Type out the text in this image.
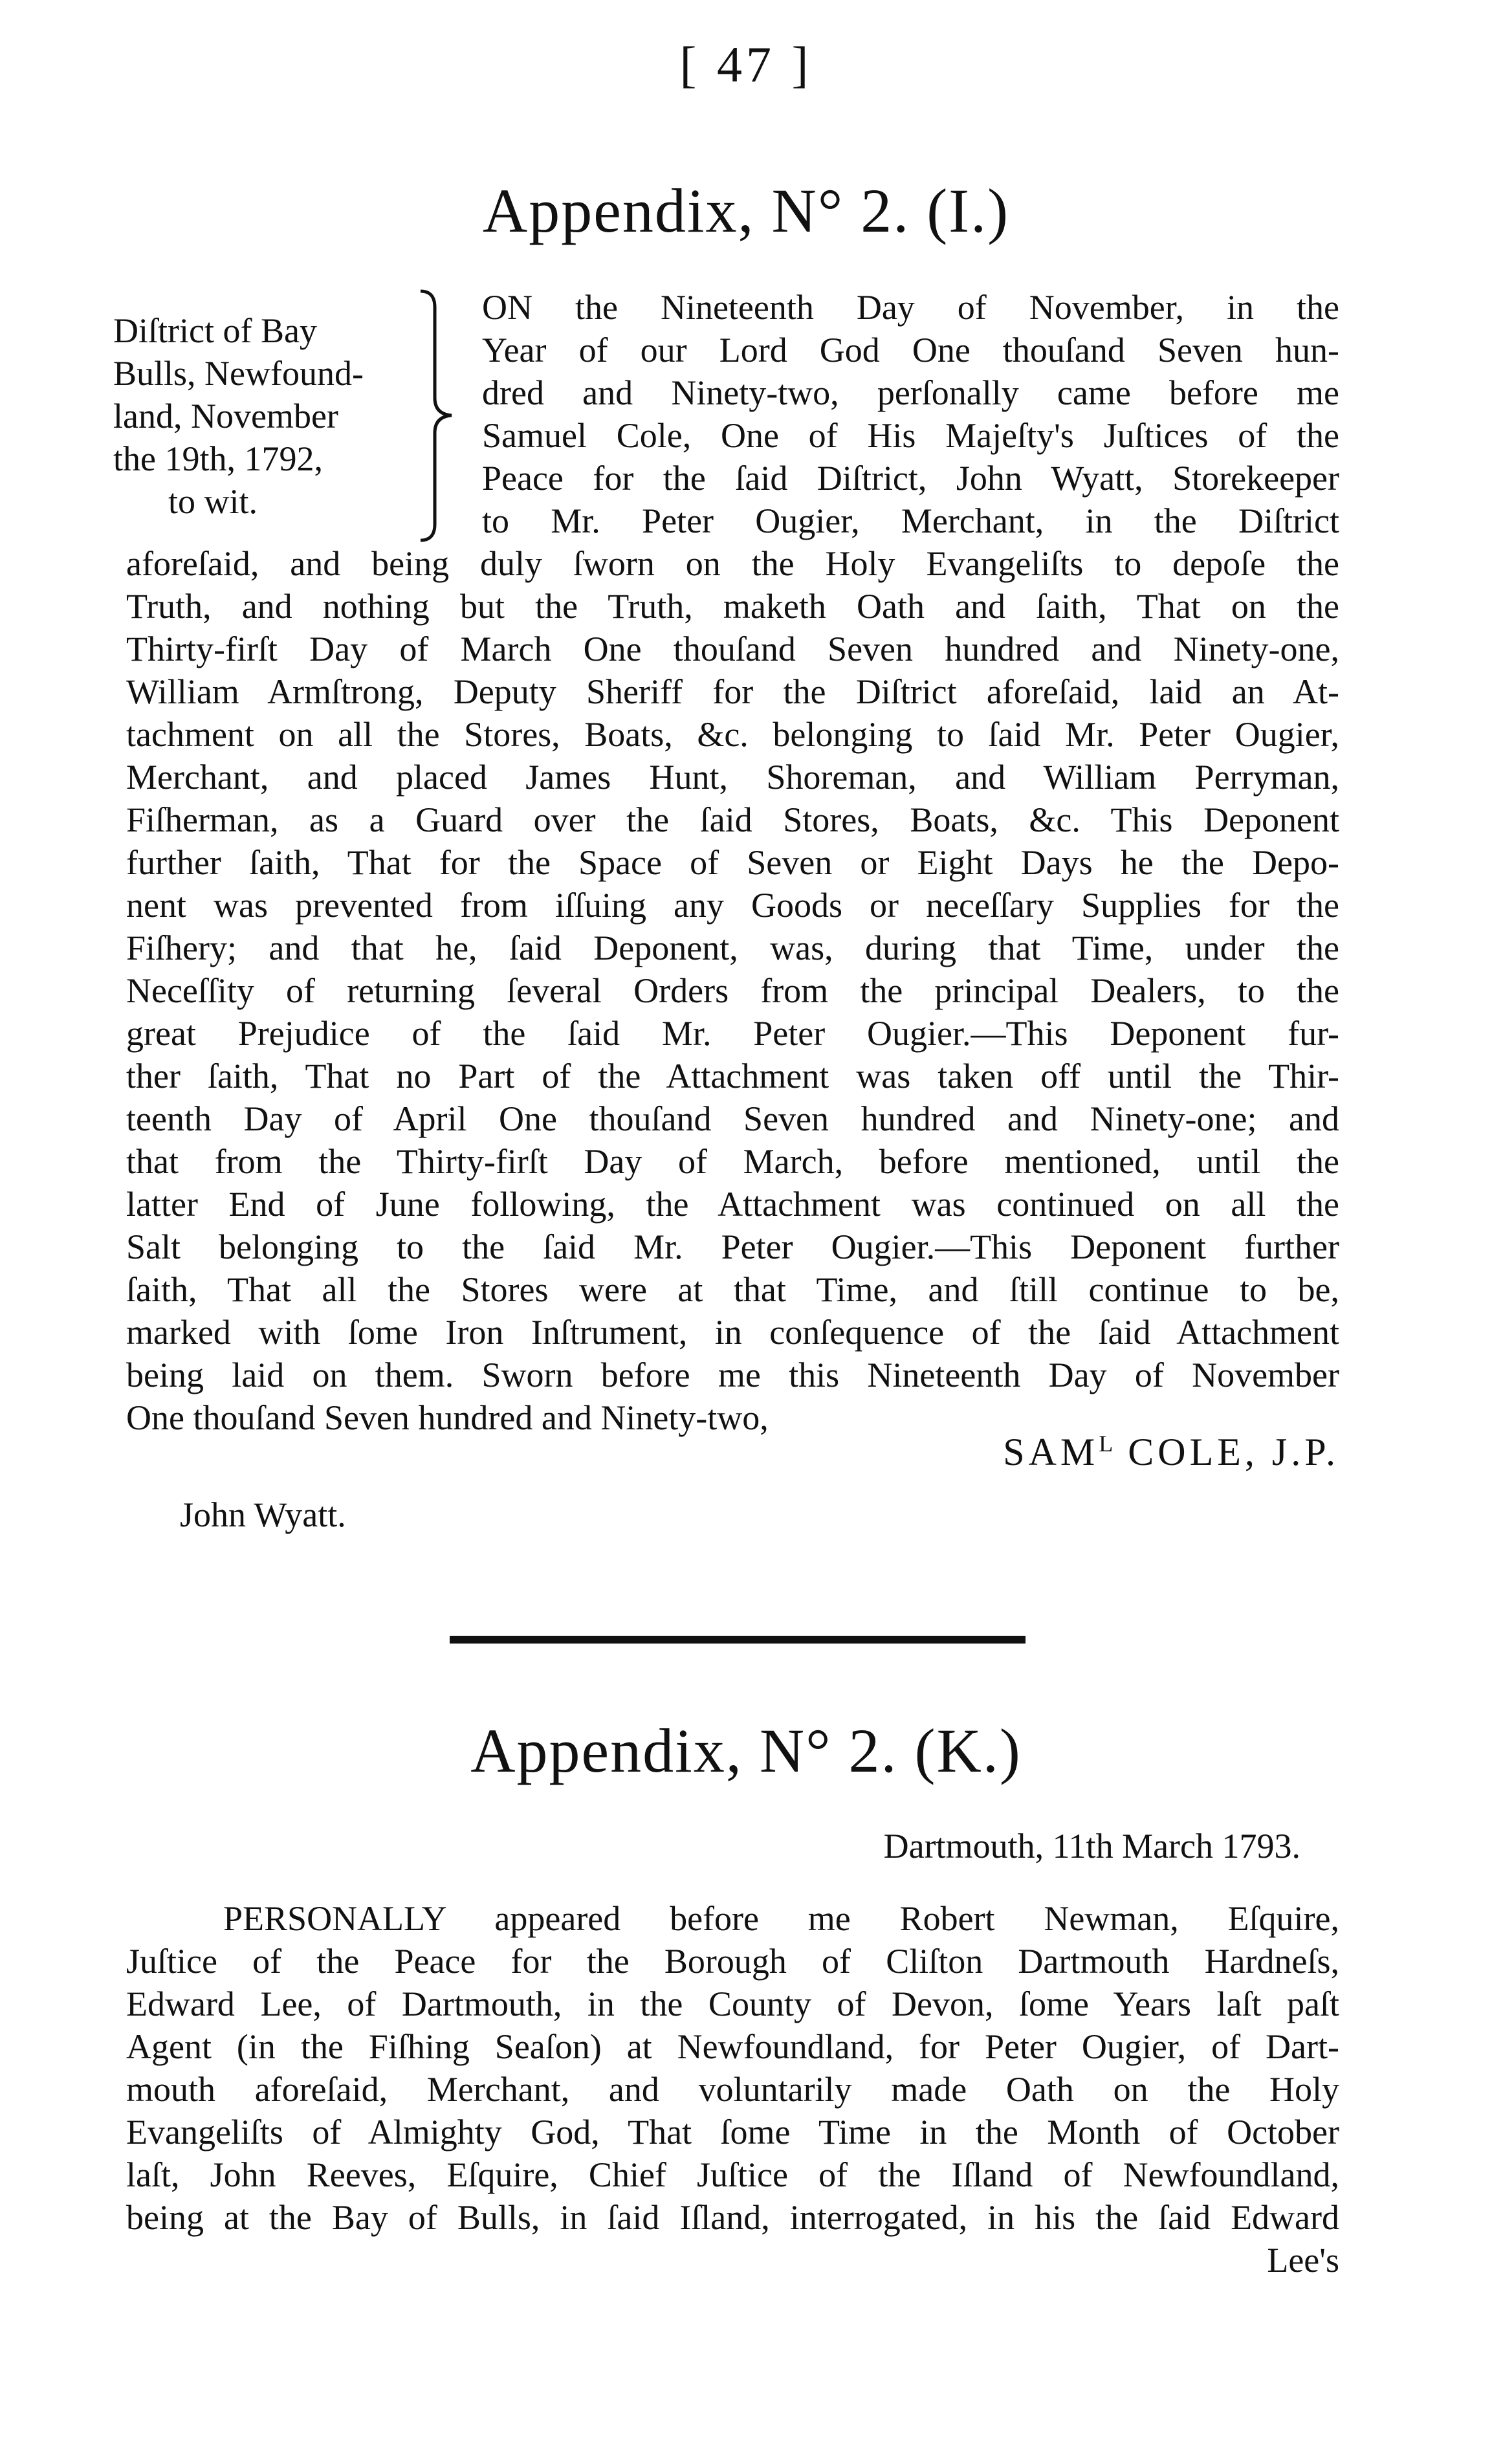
[ 47 ]
Appendix, N° 2. (I.)
Diſtrict of Bay
Bulls, Newfound-
land, November
the 19th, 1792,
to wit.
ON the Nineteenth Day of November, in the
Year of our Lord God One thouſand Seven hun-
dred and Ninety-two, perſonally came before me
Samuel Cole, One of His Majeſty's Juſtices of the
Peace for the ſaid Diſtrict, John Wyatt, Storekeeper
to Mr. Peter Ougier, Merchant, in the Diſtrict
aforeſaid, and being duly ſworn on the Holy Evangeliſts to depoſe the
Truth, and nothing but the Truth, maketh Oath and ſaith, That on the
Thirty-firſt Day of March One thouſand Seven hundred and Ninety-one,
William Armſtrong, Deputy Sheriff for the Diſtrict aforeſaid, laid an At-
tachment on all the Stores, Boats, &c. belonging to ſaid Mr. Peter Ougier,
Merchant, and placed James Hunt, Shoreman, and William Perryman,
Fiſherman, as a Guard over the ſaid Stores, Boats, &c. This Deponent
further ſaith, That for the Space of Seven or Eight Days he the Depo-
nent was prevented from iſſuing any Goods or neceſſary Supplies for the
Fiſhery; and that he, ſaid Deponent, was, during that Time, under the
Neceſſity of returning ſeveral Orders from the principal Dealers, to the
great Prejudice of the ſaid Mr. Peter Ougier.—This Deponent fur-
ther ſaith, That no Part of the Attachment was taken off until the Thir-
teenth Day of April One thouſand Seven hundred and Ninety-one; and
that from the Thirty-firſt Day of March, before mentioned, until the
latter End of June following, the Attachment was continued on all the
Salt belonging to the ſaid Mr. Peter Ougier.—This Deponent further
ſaith, That all the Stores were at that Time, and ſtill continue to be,
marked with ſome Iron Inſtrument, in conſequence of the ſaid Attachment
being laid on them. Sworn before me this Nineteenth Day of November
One thouſand Seven hundred and Ninety-two,
$SAM^L$ COLE, J.P.
John Wyatt.
Appendix, N° 2. (K.)
Dartmouth, 11th March 1793.
PERSONALLY appeared before me Robert Newman, Eſquire,
Juſtice of the Peace for the Borough of Cliſton Dartmouth Hardneſs,
Edward Lee, of Dartmouth, in the County of Devon, ſome Years laſt paſt
Agent (in the Fiſhing Seaſon) at Newfoundland, for Peter Ougier, of Dart-
mouth aforeſaid, Merchant, and voluntarily made Oath on the Holy
Evangeliſts of Almighty God, That ſome Time in the Month of October
laſt, John Reeves, Eſquire, Chief Juſtice of the Iſland of Newfoundland,
being at the Bay of Bulls, in ſaid Iſland, interrogated, in his the ſaid Edward
Lee's
